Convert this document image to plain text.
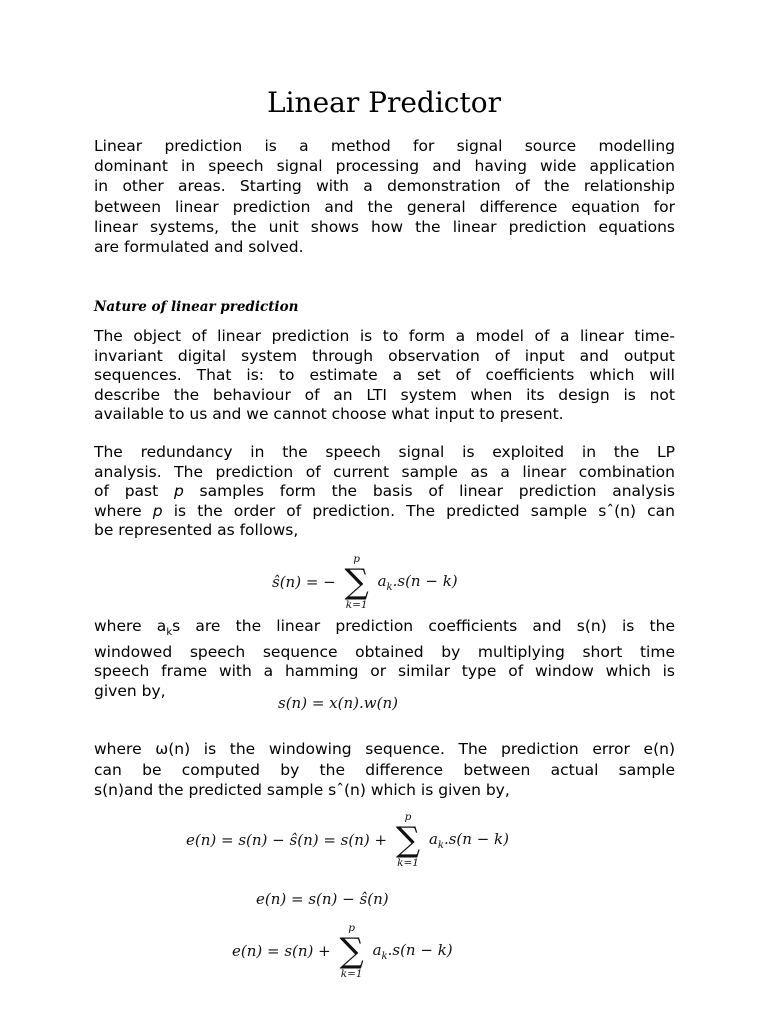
Linear Predictor
Linear prediction is a method for signal source modelling
dominant in speech signal processing and having wide application
in other areas. Starting with a demonstration of the relationship
between linear prediction and the general difference equation for
linear systems, the unit shows how the linear prediction equations
are formulated and solved.
Nature of linear prediction
The object of linear prediction is to form a model of a linear time-
invariant digital system through observation of input and output
sequences. That is: to estimate a set of coefficients which will
describe the behaviour of an LTI system when its design is not
available to us and we cannot choose what input to present.
The redundancy in the speech signal is exploited in the LP
analysis. The prediction of current sample as a linear combination
of past p samples form the basis of linear prediction analysis
where p is the order of prediction. The predicted sample sˆ(n) can
be represented as follows,
ŝ(n) = −
p
∑
k=1
$a_k.s(n - k)$
where $a_ks$ are the linear prediction coefficients and s(n) is the
windowed speech sequence obtained by multiplying short time
speech frame with a hamming or similar type of window which is
given by,
s(n) = x(n).w(n)
where ω(n) is the windowing sequence. The prediction error e(n)
can be computed by the difference between actual sample
s(n)and the predicted sample sˆ(n) which is given by,
e(n) = s(n) − ŝ(n) = s(n) +
p
∑
k=1
$a_k.s(n - k)$
e(n) = s(n) − ŝ(n)
e(n) = s(n) +
p
∑
k=1
$a_k.s(n - k)$
